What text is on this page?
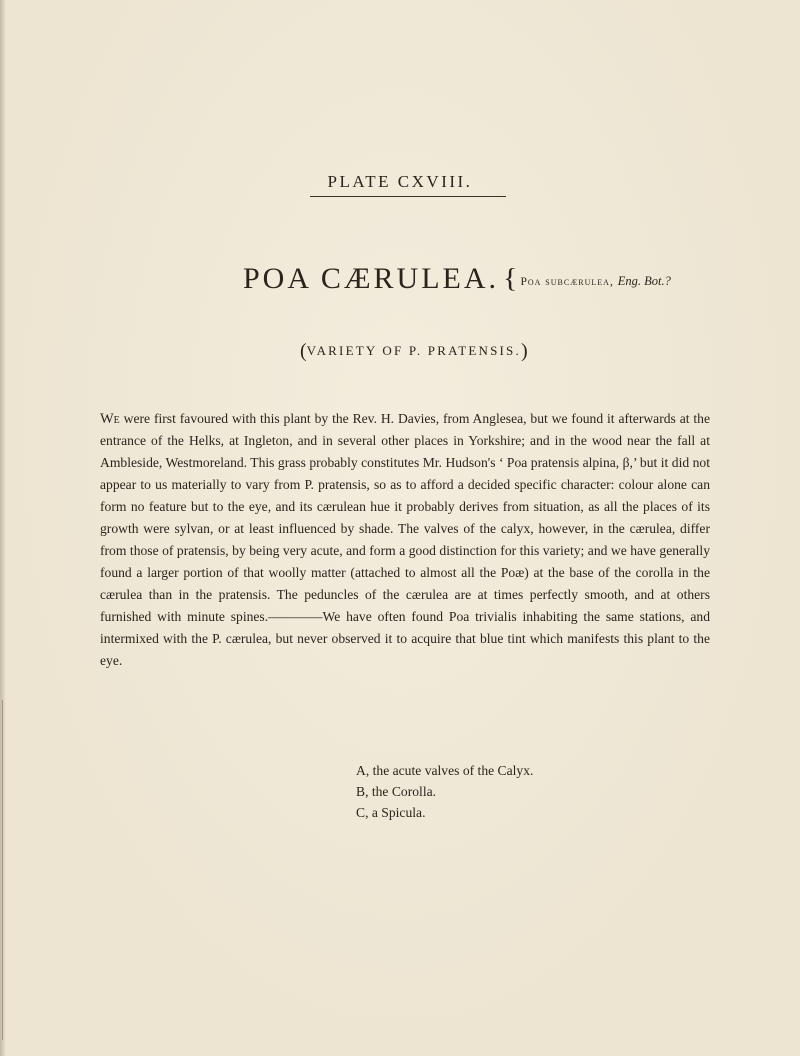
PLATE CXVIII.
POA CÆRULEA. { Poa subcærulea, Eng. Bot.?
(VARIETY OF P. PRATENSIS.)
We were first favoured with this plant by the Rev. H. Davies, from Anglesea, but we found it afterwards at the entrance of the Helks, at Ingleton, and in several other places in Yorkshire; and in the wood near the fall at Ambleside, Westmoreland. This grass probably constitutes Mr. Hudson's ‘ Poa pratensis alpina, β,’ but it did not appear to us materially to vary from P. pratensis, so as to afford a decided specific character: colour alone can form no feature but to the eye, and its cærulean hue it probably derives from situation, as all the places of its growth were sylvan, or at least influenced by shade. The valves of the calyx, however, in the cærulea, differ from those of pratensis, by being very acute, and form a good distinction for this variety; and we have generally found a larger portion of that woolly matter (attached to almost all the Poæ) at the base of the corolla in the cærulea than in the pratensis. The peduncles of the cærulea are at times perfectly smooth, and at others furnished with minute spines.————We have often found Poa trivialis inhabiting the same stations, and intermixed with the P. cærulea, but never observed it to acquire that blue tint which manifests this plant to the eye.
A, the acute valves of the Calyx.
B, the Corolla.
C, a Spicula.
